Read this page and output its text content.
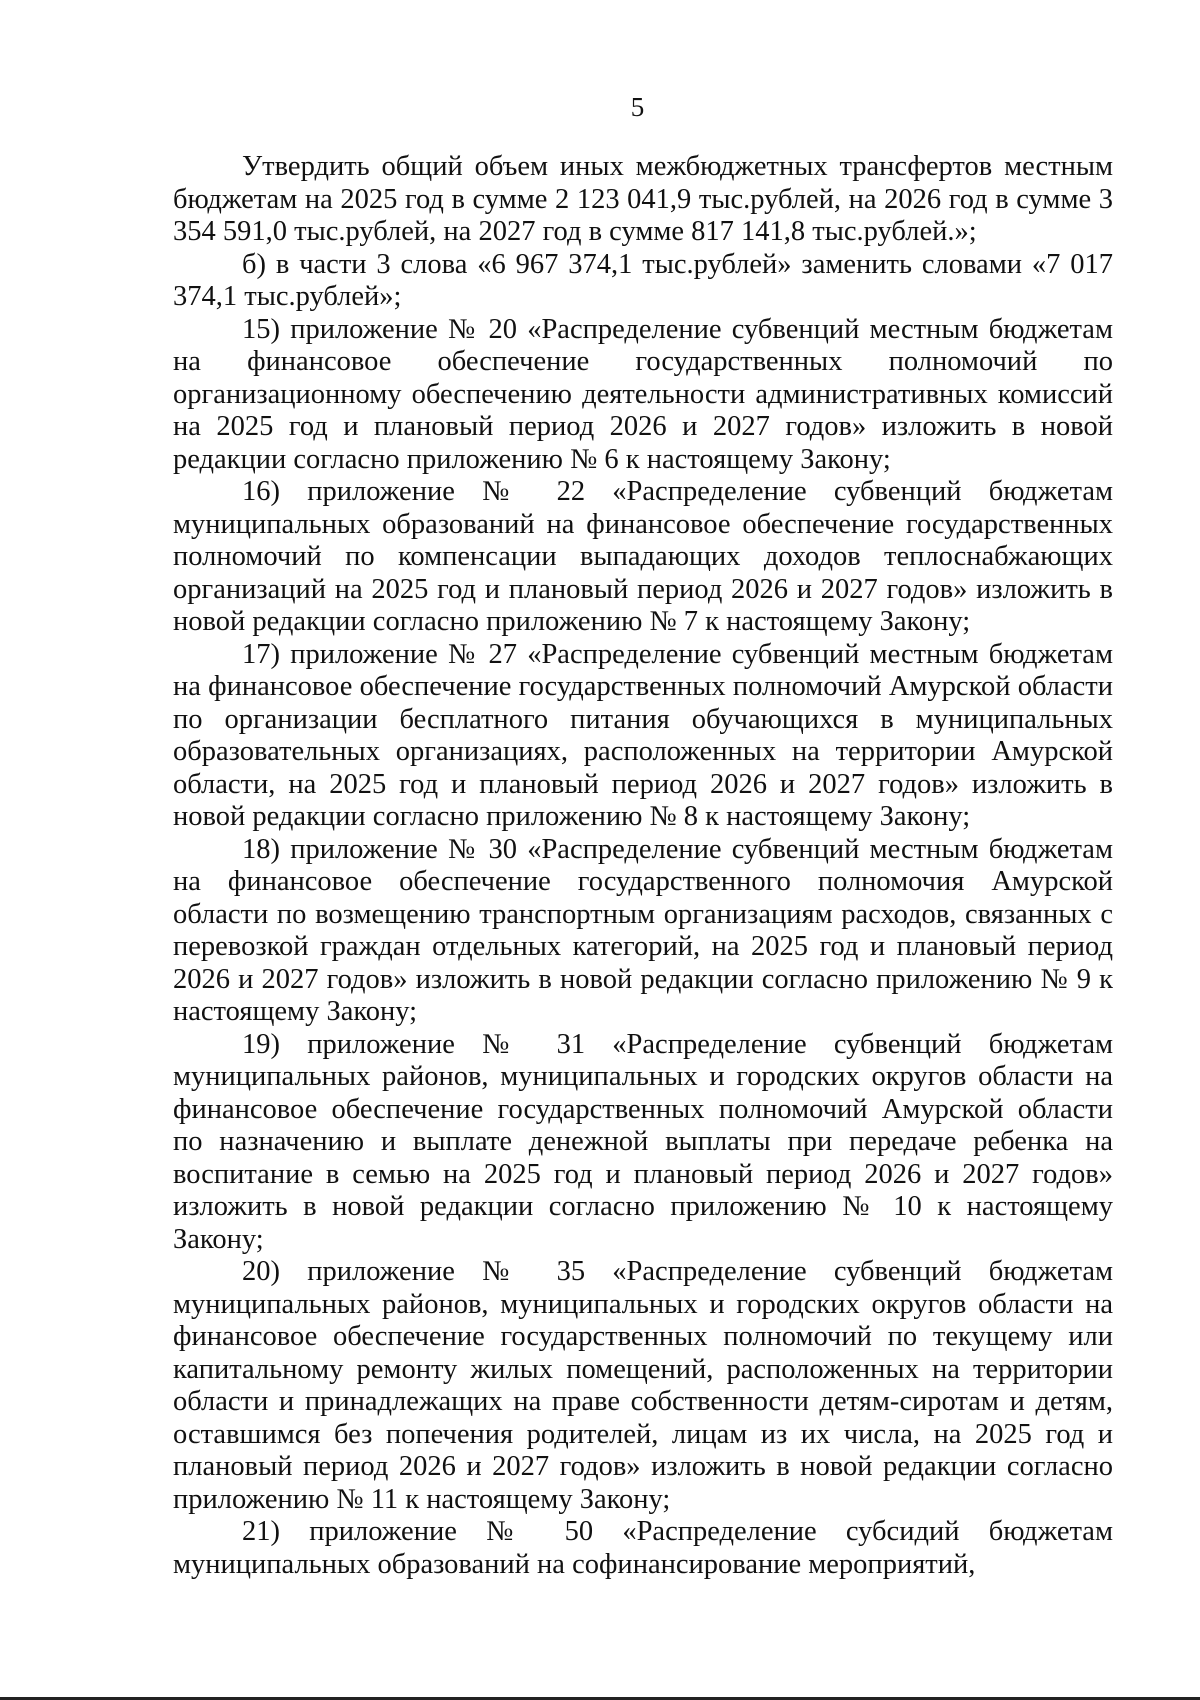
5

Утвердить общий объем иных межбюджетных трансфертов местным бюджетам на 2025 год в сумме 2 123 041,9 тыс.рублей, на 2026 год в сумме 3 354 591,0 тыс.рублей, на 2027 год в сумме 817 141,8 тыс.рублей.»;

б) в части 3 слова «6 967 374,1 тыс.рублей» заменить словами «7 017 374,1 тыс.рублей»;

15) приложение № 20 «Распределение субвенций местным бюджетам на финансовое обеспечение государственных полномочий по организационному обеспечению деятельности административных комиссий на 2025 год и плановый период 2026 и 2027 годов» изложить в новой редакции согласно приложению № 6 к настоящему Закону;

16) приложение № 22 «Распределение субвенций бюджетам муниципальных образований на финансовое обеспечение государственных полномочий по компенсации выпадающих доходов теплоснабжающих организаций на 2025 год и плановый период 2026 и 2027 годов» изложить в новой редакции согласно приложению № 7 к настоящему Закону;

17) приложение № 27 «Распределение субвенций местным бюджетам на финансовое обеспечение государственных полномочий Амурской области по организации бесплатного питания обучающихся в муниципальных образовательных организациях, расположенных на территории Амурской области, на 2025 год и плановый период 2026 и 2027 годов» изложить в новой редакции согласно приложению № 8 к настоящему Закону;

18) приложение № 30 «Распределение субвенций местным бюджетам на финансовое обеспечение государственного полномочия Амурской области по возмещению транспортным организациям расходов, связанных с перевозкой граждан отдельных категорий, на 2025 год и плановый период 2026 и 2027 годов» изложить в новой редакции согласно приложению № 9 к настоящему Закону;

19) приложение № 31 «Распределение субвенций бюджетам муниципальных районов, муниципальных и городских округов области на финансовое обеспечение государственных полномочий Амурской области по назначению и выплате денежной выплаты при передаче ребенка на воспитание в семью на 2025 год и плановый период 2026 и 2027 годов» изложить в новой редакции согласно приложению № 10 к настоящему Закону;

20) приложение № 35 «Распределение субвенций бюджетам муниципальных районов, муниципальных и городских округов области на финансовое обеспечение государственных полномочий по текущему или капитальному ремонту жилых помещений, расположенных на территории области и принадлежащих на праве собственности детям-сиротам и детям, оставшимся без попечения родителей, лицам из их числа, на 2025 год и плановый период 2026 и 2027 годов» изложить в новой редакции согласно приложению № 11 к настоящему Закону;

21) приложение № 50 «Распределение субсидий бюджетам муниципальных образований на софинансирование мероприятий,
